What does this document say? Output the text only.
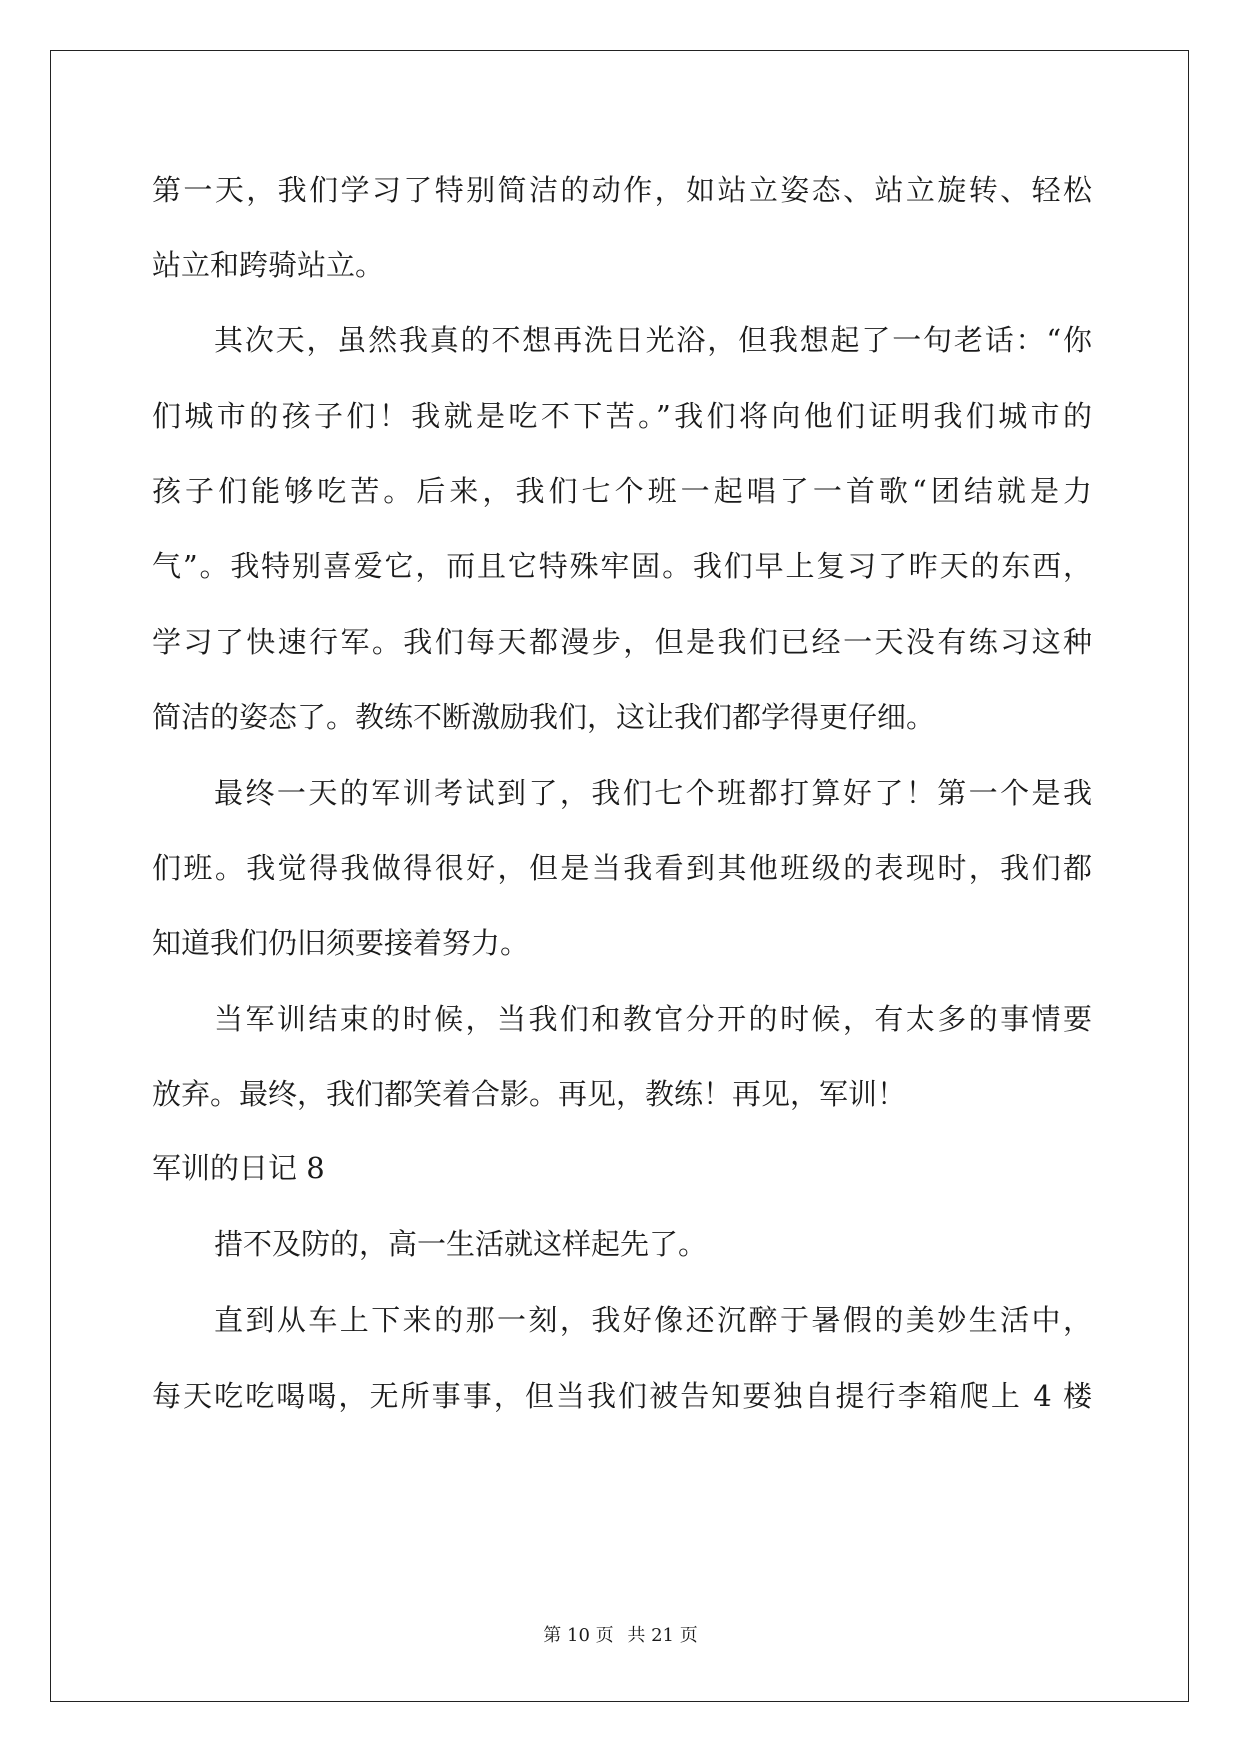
第一天，我们学习了特别简洁的动作，如站立姿态、站立旋转、轻松
站立和跨骑站立。
其次天，虽然我真的不想再洗日光浴，但我想起了一句老话：“你
们城市的孩子们！我就是吃不下苦。”我们将向他们证明我们城市的
孩子们能够吃苦。后来，我们七个班一起唱了一首歌“团结就是力
气”。我特别喜爱它，而且它特殊牢固。我们早上复习了昨天的东西，
学习了快速行军。我们每天都漫步，但是我们已经一天没有练习这种
简洁的姿态了。教练不断激励我们，这让我们都学得更仔细。
最终一天的军训考试到了，我们七个班都打算好了！第一个是我
们班。我觉得我做得很好，但是当我看到其他班级的表现时，我们都
知道我们仍旧须要接着努力。
当军训结束的时候，当我们和教官分开的时候，有太多的事情要
放弃。最终，我们都笑着合影。再见，教练！再见，军训！
军训的日记 8
措不及防的，高一生活就这样起先了。
直到从车上下来的那一刻，我好像还沉醉于暑假的美妙生活中，
每天吃吃喝喝，无所事事，但当我们被告知要独自提行李箱爬上 4 楼
第 10 页 共 21 页
